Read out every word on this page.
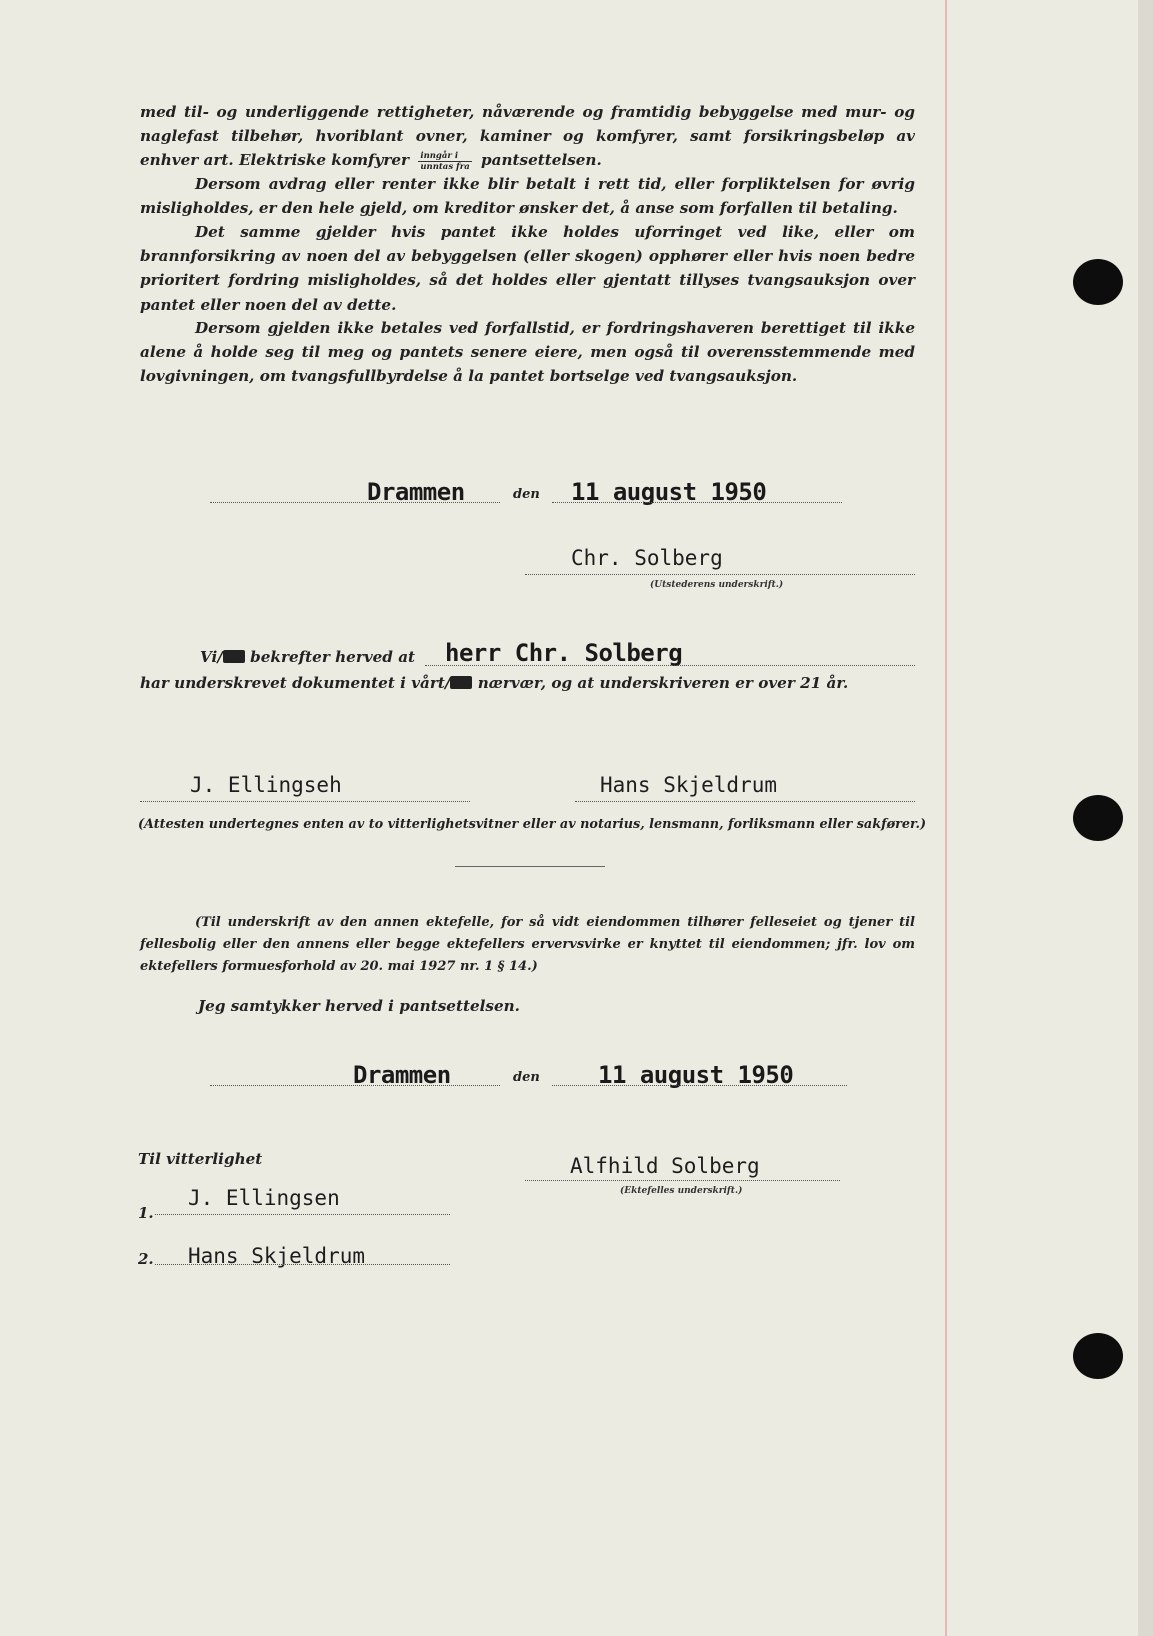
med til- og underliggende rettigheter, nåværende og framtidig bebyggelse med mur- og naglefast tilbehør, hvoriblant ovner, kaminer og komfyrer, samt forsikringsbeløp av enhver art. Elektriske komfyrer $\frac{\text{inngår i}}{\text{unntas fra}}$ pantsettelsen.
Dersom avdrag eller renter ikke blir betalt i rett tid, eller forpliktelsen for øvrig misligholdes, er den hele gjeld, om kreditor ønsker det, å anse som forfallen til betaling.
Det samme gjelder hvis pantet ikke holdes uforringet ved like, eller om brannforsikring av noen del av bebyggelsen (eller skogen) opphører eller hvis noen bedre prioritert fordring misligholdes, så det holdes eller gjentatt tillyses tvangsauksjon over pantet eller noen del av dette.
Dersom gjelden ikke betales ved forfallstid, er fordringshaveren berettiget til ikke alene å holde seg til meg og pantets senere eiere, men også til overensstemmende med lovgivningen, om tvangsfullbyrdelse å la pantet bortselge ved tvangsauksjon.
Drammen	den 11 august 1950
Chr. Solberg
(Utstederens underskrift.)
Vi/ bekrefter herved at herr Chr. Solberg
har underskrevet dokumentet i vårt/ nærvær, og at underskriveren er over 21 år.
J. Ellingseh	Hans Skjeldrum
(Attesten undertegnes enten av to vitterlighetsvitner eller av notarius, lensmann, forliksmann eller sakfører.)
(Til underskrift av den annen ektefelle, for så vidt eiendommen tilhører felleseiet og tjener til fellesbolig eller den annens eller begge ektefellers ervervsvirke er knyttet til eiendommen; jfr. lov om ektefellers formuesforhold av 20. mai 1927 nr. 1 § 14.)
Jeg samtykker herved i pantsettelsen.
Drammen	den 11 august 1950
Til vitterlighet	Alfhild Solberg
(Ektefelles underskrift.)
1.
J. Ellingsen
2. Hans Skjeldrum
